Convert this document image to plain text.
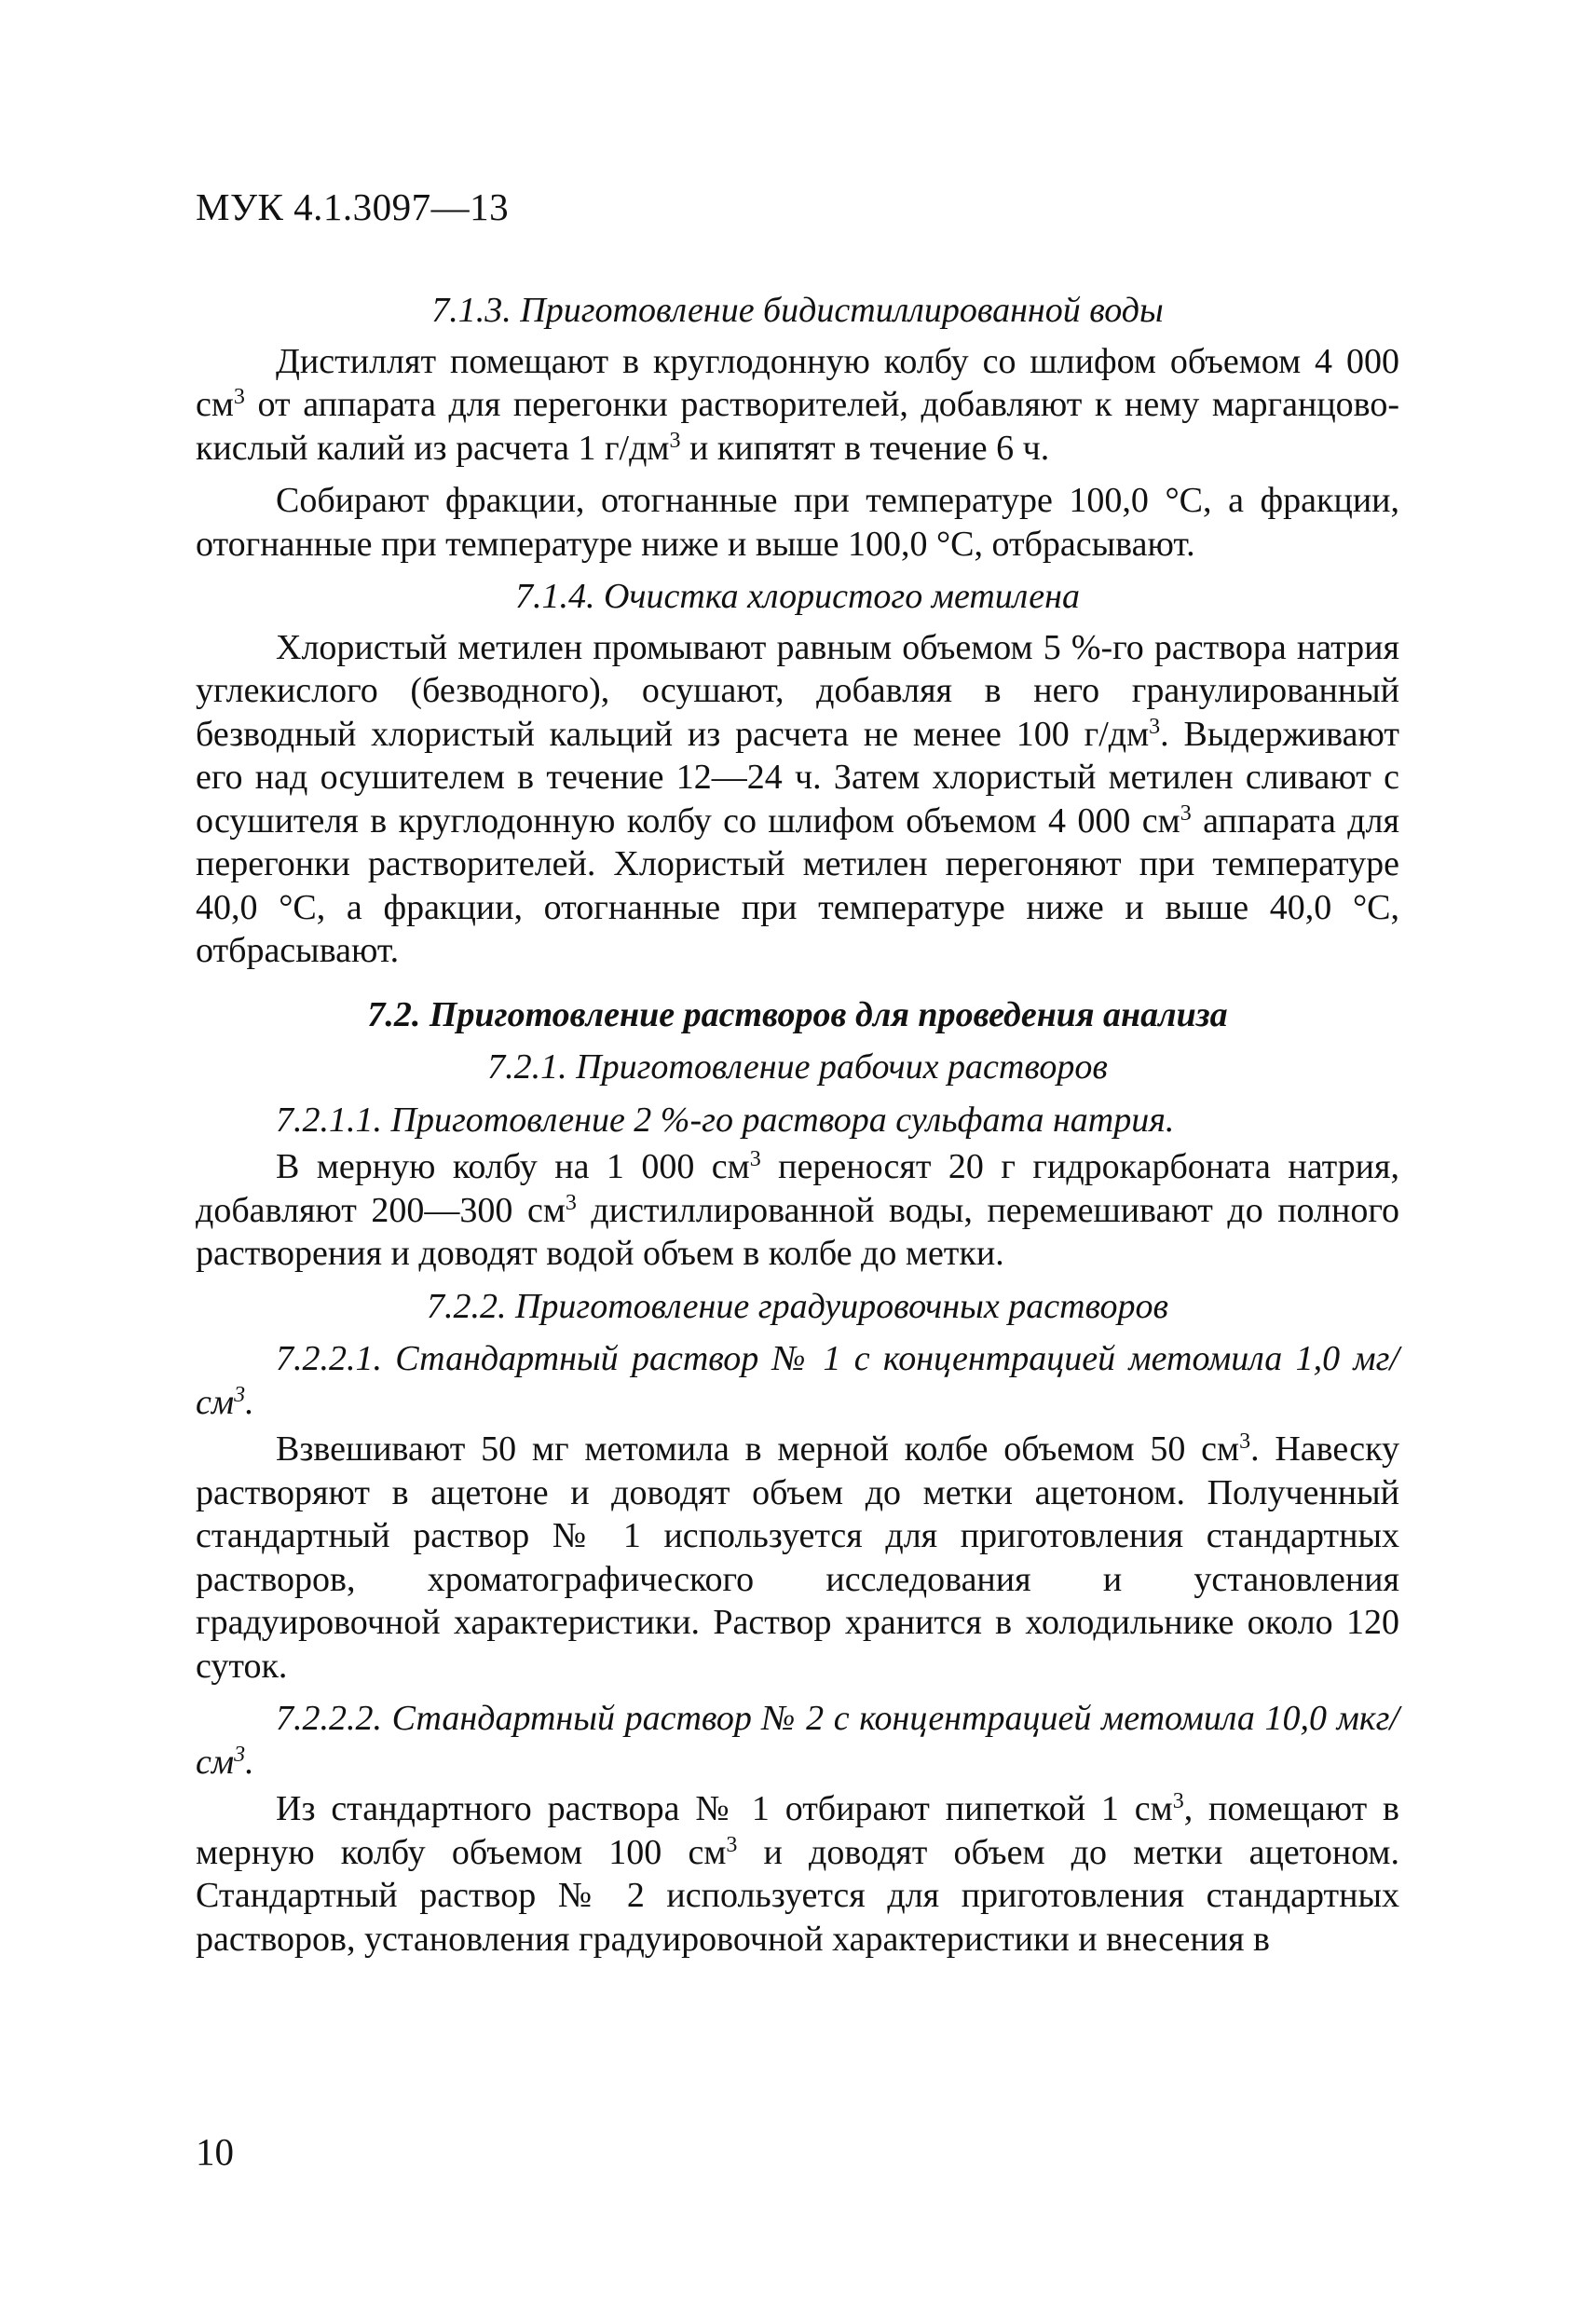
МУК 4.1.3097—13
7.1.3. Приготовление бидистиллированной воды

Дистиллят помещают в круглодонную колбу со шлифом объемом 4 000 $см^3$ от аппарата для перегонки растворителей, добавляют к нему марганцово-кислый калий из расчета 1 $г/дм^3$ и кипятят в течение 6 ч.

Собирают фракции, отогнанные при температуре 100,0 °С, а фракции, отогнанные при температуре ниже и выше 100,0 °С, отбрасывают.

7.1.4. Очистка хлористого метилена

Хлористый метилен промывают равным объемом 5 %-го раствора натрия углекислого (безводного), осушают, добавляя в него гранулированный безводный хлористый кальций из расчета не менее 100 $г/дм^3$. Выдерживают его над осушителем в течение 12—24 ч. Затем хлористый метилен сливают с осушителя в круглодонную колбу со шлифом объемом 4 000 $см^3$ аппарата для перегонки растворителей. Хлористый метилен перегоняют при температуре 40,0 °С, а фракции, отогнанные при температуре ниже и выше 40,0 °С, отбрасывают.

7.2. Приготовление растворов для проведения анализа
7.2.1. Приготовление рабочих растворов
7.2.1.1. Приготовление 2 %-го раствора сульфата натрия.

В мерную колбу на 1 000 $см^3$ переносят 20 г гидрокарбоната натрия, добавляют 200—300 $см^3$ дистиллированной воды, перемешивают до полного растворения и доводят водой объем в колбе до метки.

7.2.2. Приготовление градуировочных растворов
7.2.2.1. Стандартный раствор № 1 с концентрацией метомила 1,0 $мг/см^3$.

Взвешивают 50 мг метомила в мерной колбе объемом 50 $см^3$. Навеску растворяют в ацетоне и доводят объем до метки ацетоном. Полученный стандартный раствор № 1 используется для приготовления стандартных растворов, хроматографического исследования и установления градуировочной характеристики. Раствор хранится в холодильнике около 120 суток.

7.2.2.2. Стандартный раствор № 2 с концентрацией метомила 10,0 мкг/$см^3$.

Из стандартного раствора № 1 отбирают пипеткой 1 $см^3$, помещают в мерную колбу объемом 100 $см^3$ и доводят объем до метки ацетоном. Стандартный раствор № 2 используется для приготовления стандартных растворов, установления градуировочной характеристики и внесения в

10
